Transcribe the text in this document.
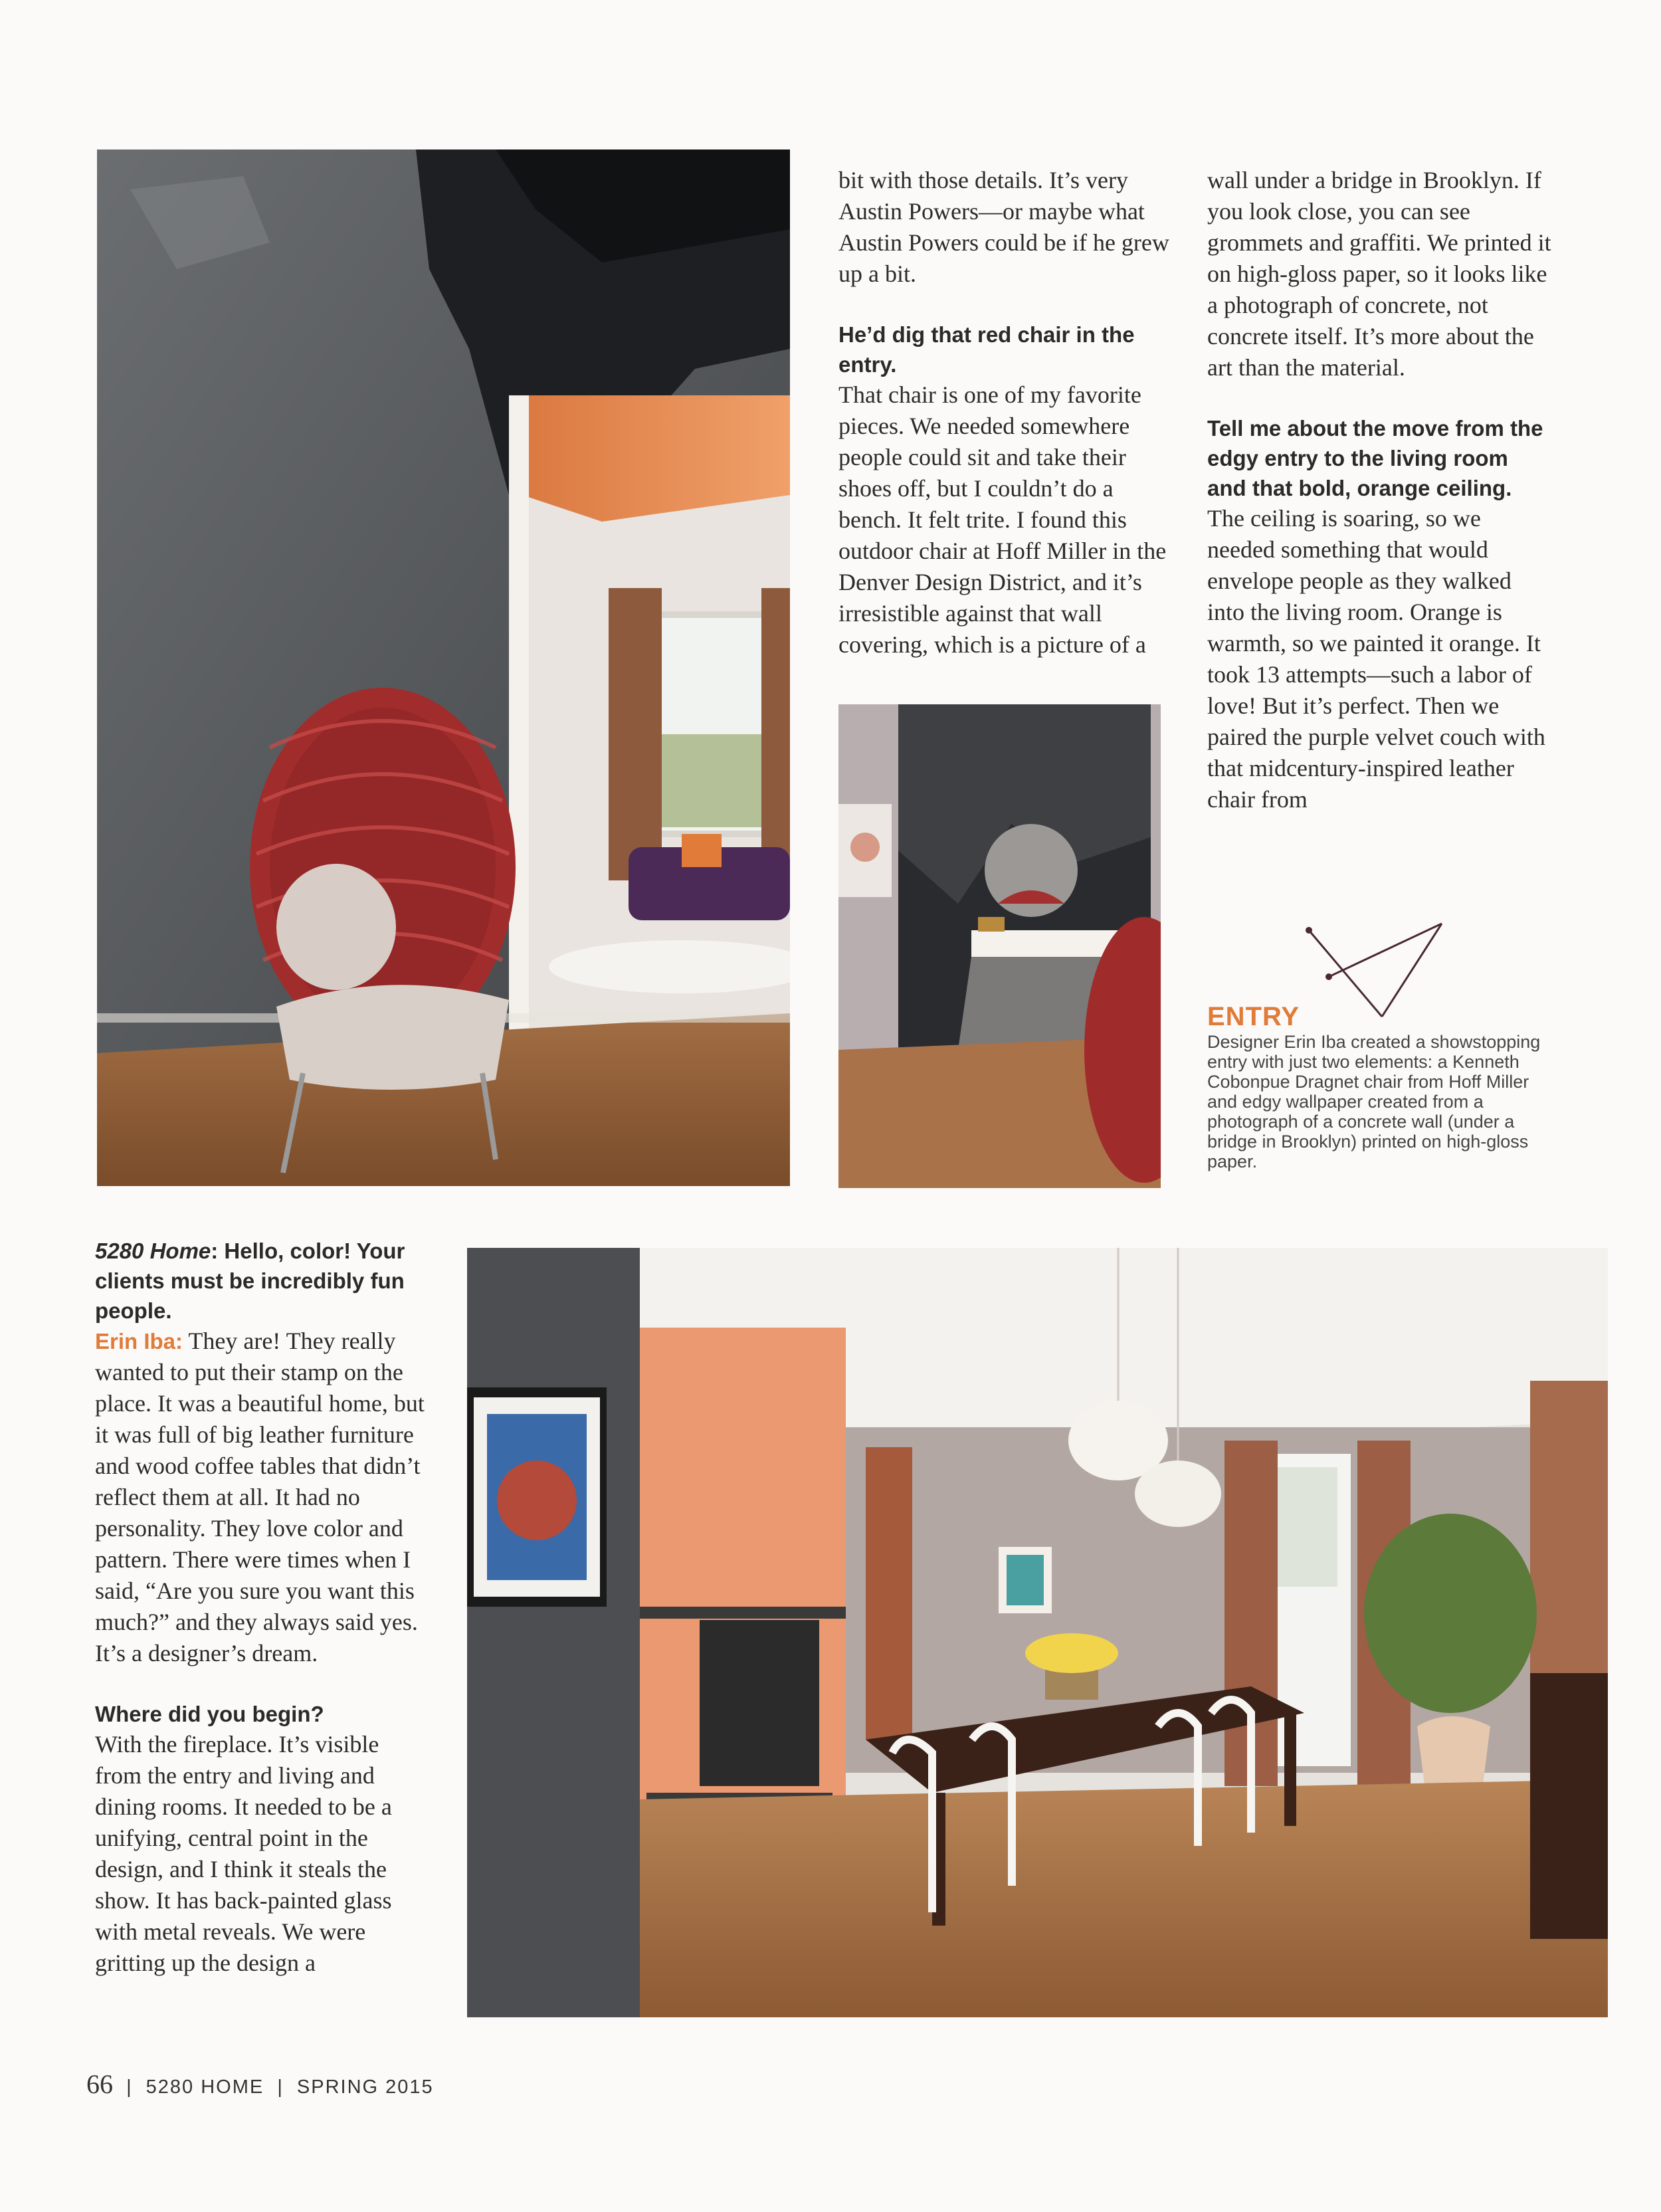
bit with those details. It’s very Austin Powers—or maybe what Austin Powers could be if he grew up a bit.

He’d dig that red chair in the entry.

That chair is one of my favorite pieces. We needed somewhere people could sit and take their shoes off, but I couldn’t do a bench. It felt trite. I found this outdoor chair at Hoff Miller in the Denver Design District, and it’s irresistible against that wall covering, which is a picture of a

wall under a bridge in Brooklyn. If you look close, you can see grommets and graffiti. We printed it on high-gloss paper, so it looks like a photograph of concrete, not concrete itself. It’s more about the art than the material.

Tell me about the move from the edgy entry to the living room and that bold, orange ceiling.

The ceiling is soaring, so we needed something that would envelope people as they walked into the living room. Orange is warmth, so we painted it orange. It took 13 attempts—such a labor of love! But it’s perfect. Then we paired the purple velvet couch with that midcentury-inspired leather chair from

ENTRY
Designer Erin Iba created a showstopping entry with just two elements: a Kenneth Cobonpue Dragnet chair from Hoff Miller and edgy wallpaper created from a photograph of a concrete wall (under a bridge in Brooklyn) printed on high-gloss paper.

5280 Home: Hello, color! Your clients must be incredibly fun people.

Erin Iba: They are! They really wanted to put their stamp on the place. It was a beautiful home, but it was full of big leather furniture and wood coffee tables that didn’t reflect them at all. It had no personality. They love color and pattern. There were times when I said, “Are you sure you want this much?” and they always said yes. It’s a designer’s dream.

Where did you begin?

With the fireplace. It’s visible from the entry and living and dining rooms. It needed to be a unifying, central point in the design, and I think it steals the show. It has back-painted glass with metal reveals. We were gritting up the design a

66 | 5280 HOME | SPRING 2015
